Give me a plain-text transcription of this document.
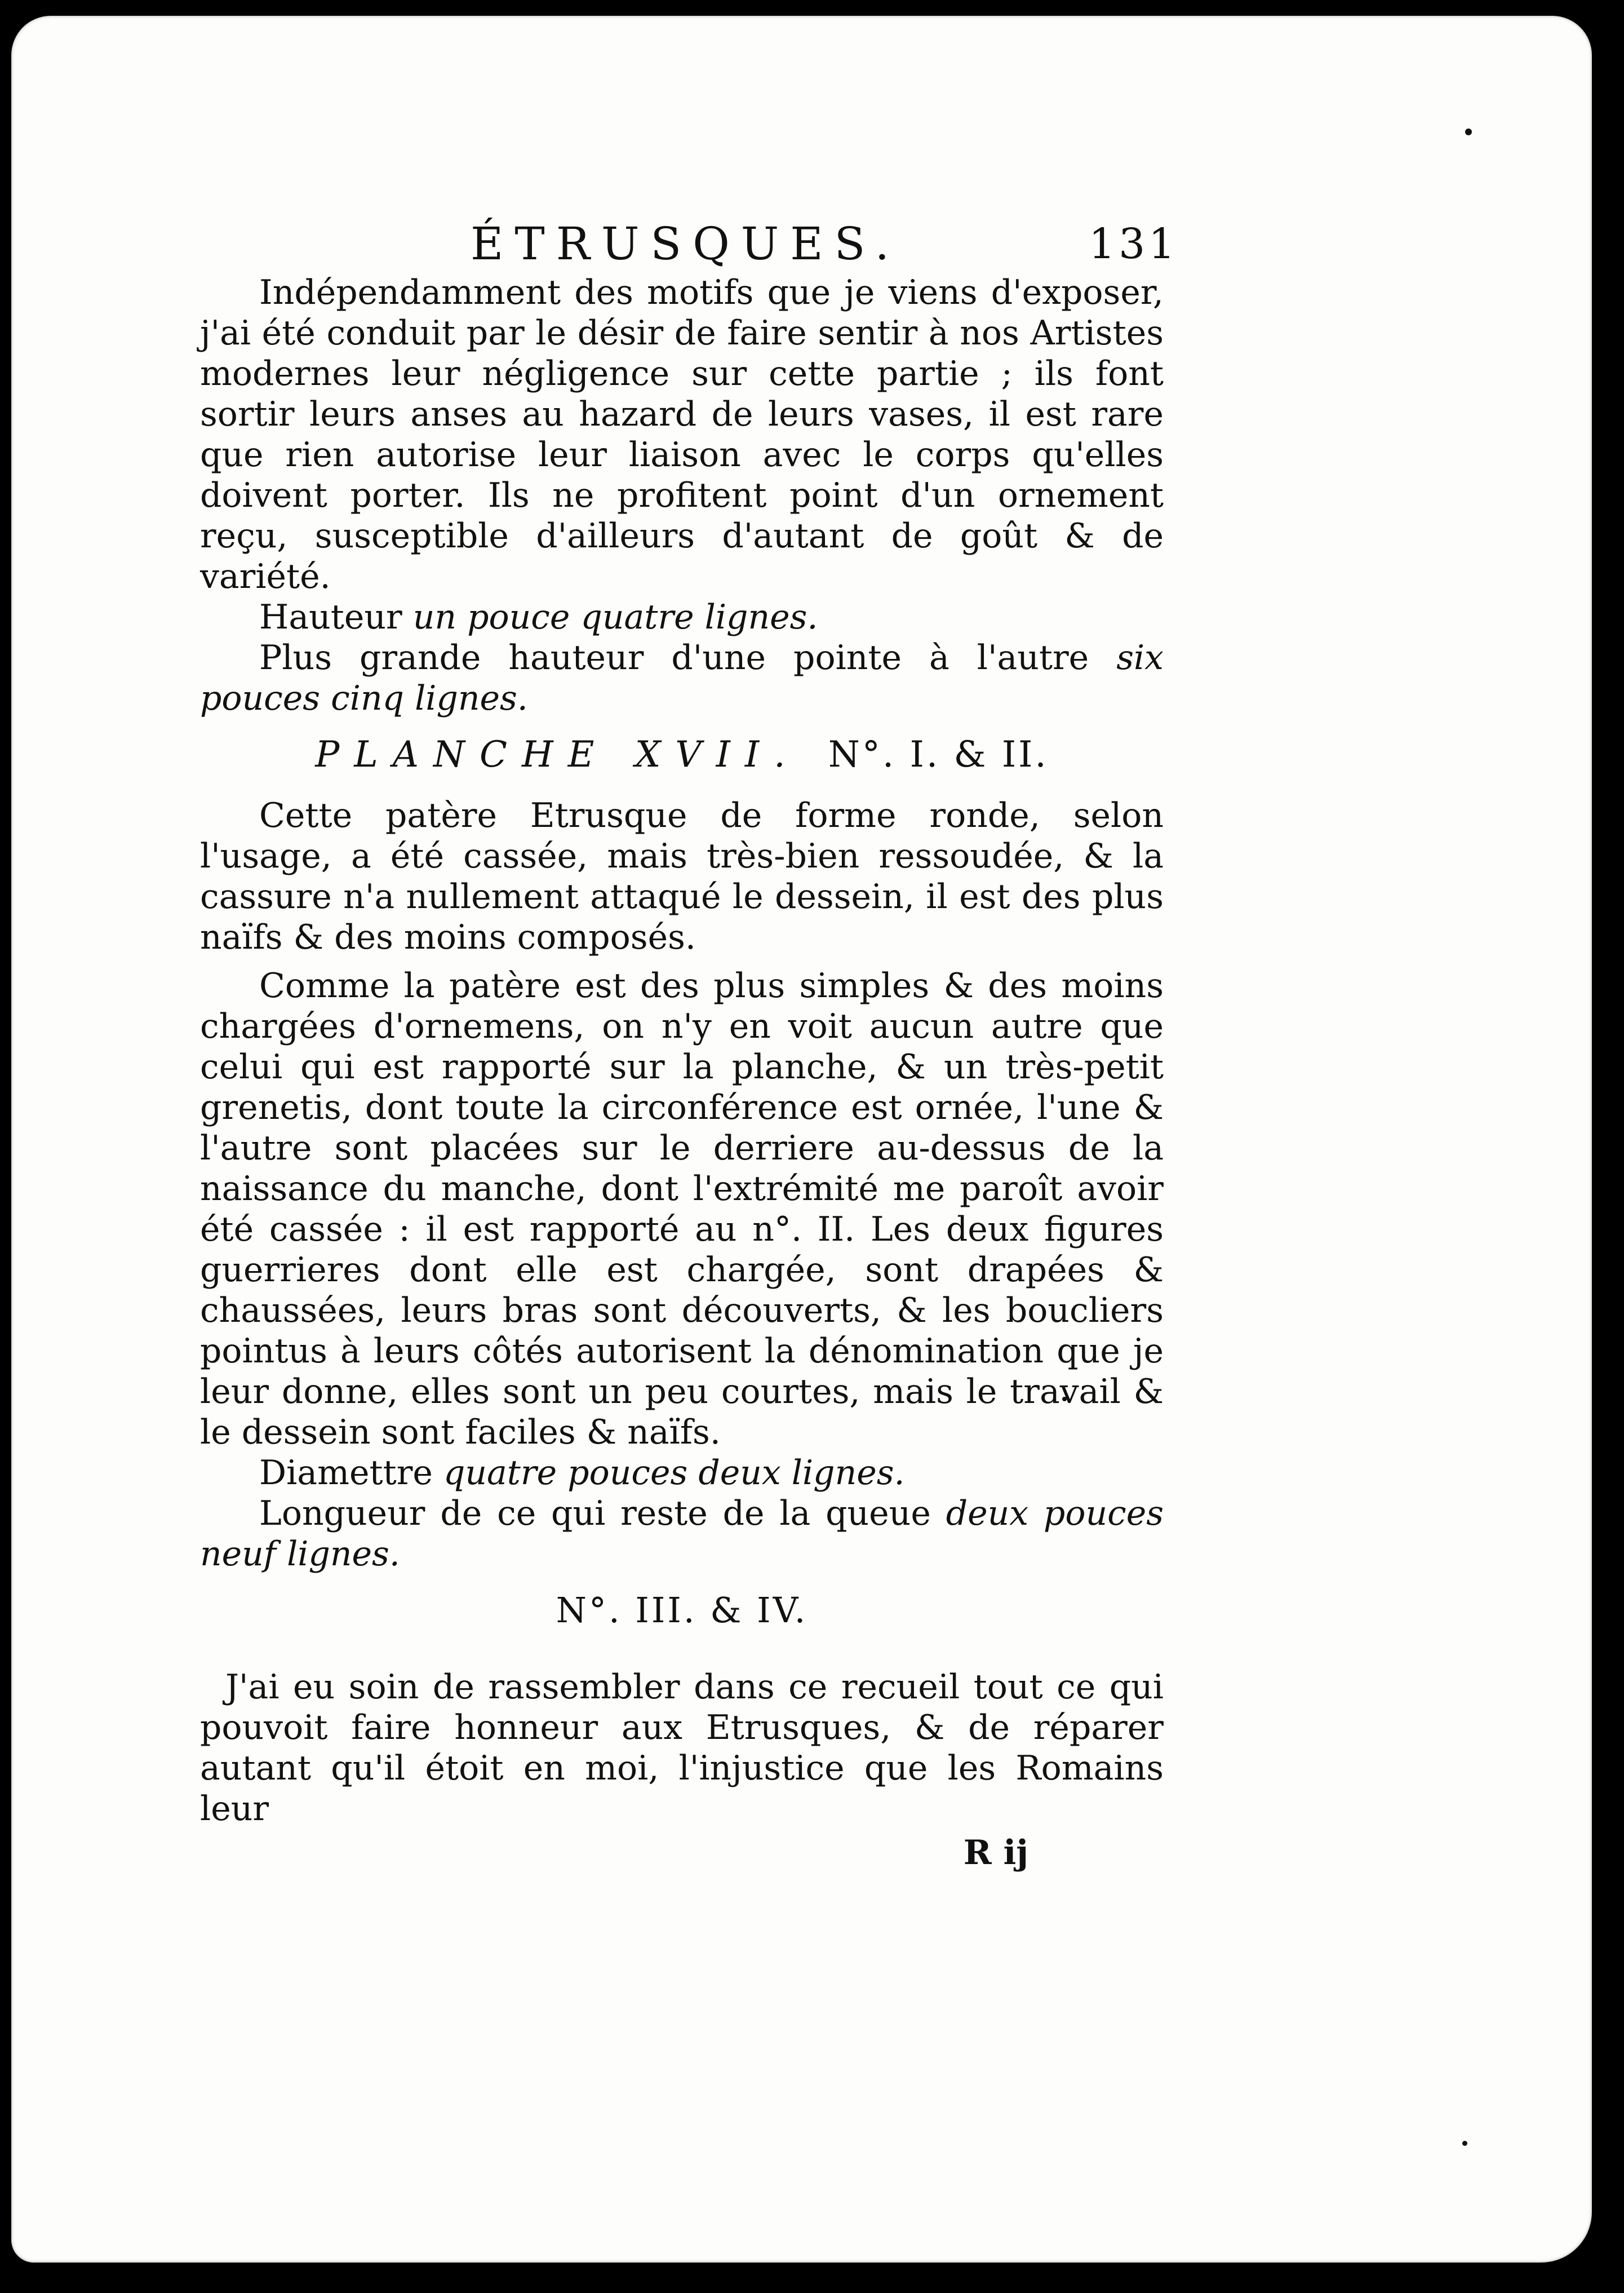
ÉTRUSQUES.	131

Indépendamment des motifs que je viens d'exposer, j'ai été conduit par le désir de faire sentir à nos Artistes modernes leur négligence sur cette partie ; ils font sortir leurs anses au hazard de leurs vases, il est rare que rien autorise leur liaison avec le corps qu'elles doivent porter. Ils ne profitent point d'un ornement reçu, susceptible d'ailleurs d'autant de goût & de variété.

Hauteur un pouce quatre lignes.

Plus grande hauteur d'une pointe à l'autre six pouces cinq lignes.

PLANCHE XVII. N°. I. & II.

Cette patère Etrusque de forme ronde, selon l'usage, a été cassée, mais très-bien ressoudée, & la cassure n'a nullement attaqué le dessein, il est des plus naïfs & des moins composés.

Comme la patère est des plus simples & des moins chargées d'ornemens, on n'y en voit aucun autre que celui qui est rapporté sur la planche, & un très-petit grenetis, dont toute la circonférence est ornée, l'une & l'autre sont placées sur le derriere au-dessus de la naissance du manche, dont l'extrémité me paroît avoir été cassée : il est rapporté au n°. II. Les deux figures guerrieres dont elle est chargée, sont drapées & chaussées, leurs bras sont découverts, & les boucliers pointus à leurs côtés autorisent la dénomination que je leur donne, elles sont un peu courtes, mais le travail & le dessein sont faciles & naïfs.

Diamettre quatre pouces deux lignes.

Longueur de ce qui reste de la queue deux pouces neuf lignes.

N°. III. & IV.

J'ai eu soin de rassembler dans ce recueil tout ce qui pouvoit faire honneur aux Etrusques, & de réparer autant qu'il étoit en moi, l'injustice que les Romains leur

R ij
